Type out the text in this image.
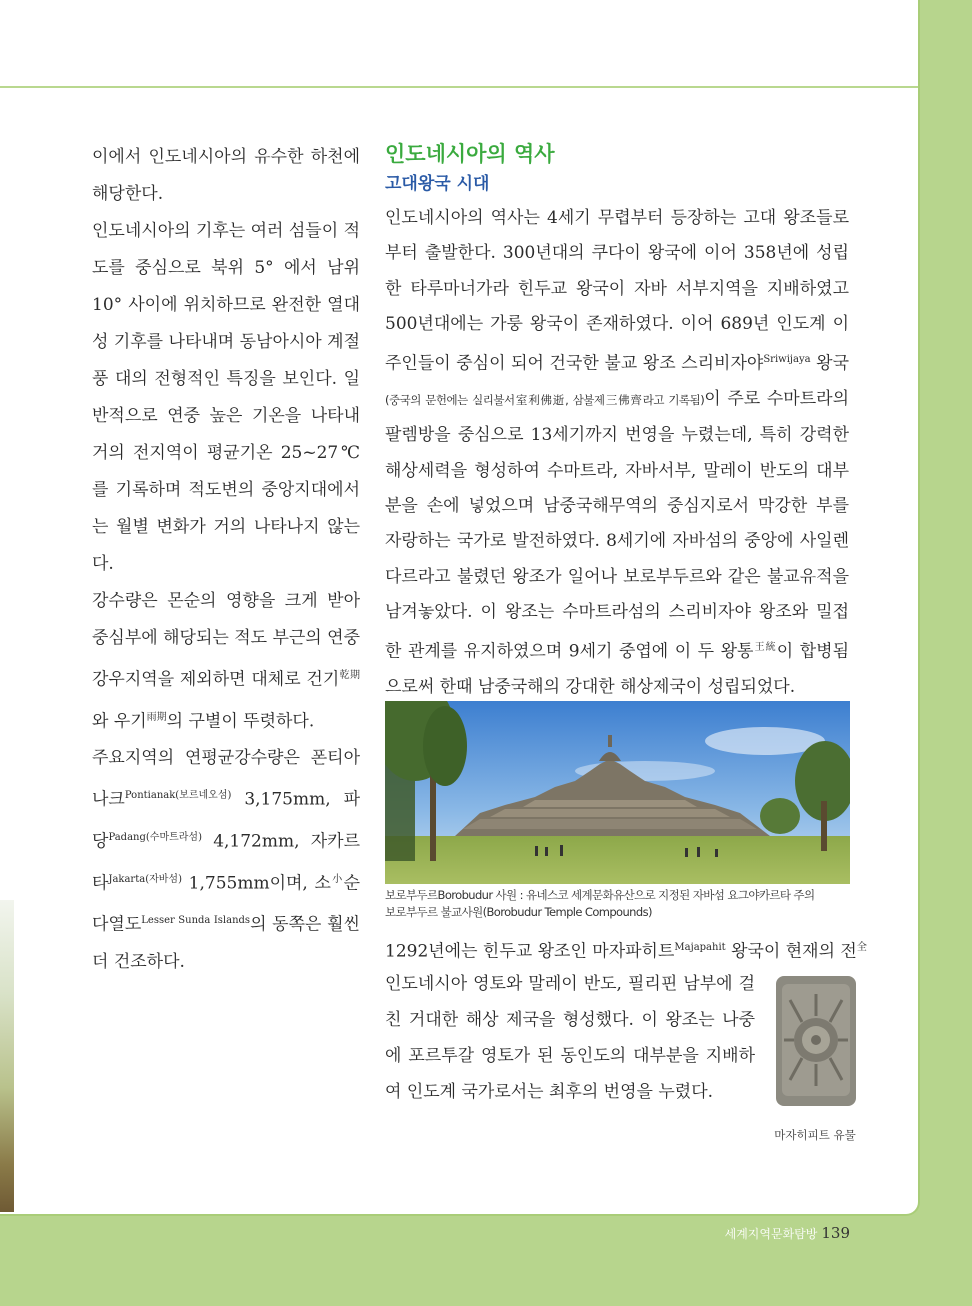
이에서 인도네시아의 유수한 하천에 해당한다.

인도네시아의 기후는 여러 섬들이 적도를 중심으로 북위 5° 에서 남위 10° 사이에 위치하므로 완전한 열대성 기후를 나타내며 동남아시아 계절풍 대의 전형적인 특징을 보인다. 일반적으로 연중 높은 기온을 나타내 거의 전지역이 평균기온 25~27℃를 기록하며 적도변의 중앙지대에서는 월별 변화가 거의 나타나지 않는다.

강수량은 몬순의 영향을 크게 받아 중심부에 해당되는 적도 부근의 연중 강우지역을 제외하면 대체로 건기$^{乾期}$와 우기$^{雨期}$의 구별이 뚜렷하다.

주요지역의 연평균강수량은 폰티아나크$^{Pontianak(보르네오섬)}$ 3,175mm, 파당$^{Padang(수마트라섬)}$ 4,172mm, 자카르타$^{Jakarta(자바섬)}$ 1,755mm이며, 소$^小$순다열도$^{Lesser Sunda Islands}$의 동쪽은 훨씬 더 건조하다.

인도네시아의 역사
고대왕국 시대

인도네시아의 역사는 4세기 무렵부터 등장하는 고대 왕조들로부터 출발한다. 300년대의 쿠다이 왕국에 이어 358년에 성립한 타루마너가라 힌두교 왕국이 자바 서부지역을 지배하였고 500년대에는 가룽 왕국이 존재하였다. 이어 689년 인도계 이주인들이 중심이 되어 건국한 불교 왕조 스리비자야$^{Sriwijaya}$ 왕국(중국의 문헌에는 실리불서室利佛逝, 삼불제三佛齊라고 기록됨)이 주로 수마트라의 팔렘방을 중심으로 13세기까지 번영을 누렸는데, 특히 강력한 해상세력을 형성하여 수마트라, 자바서부, 말레이 반도의 대부분을 손에 넣었으며 남중국해무역의 중심지로서 막강한 부를 자랑하는 국가로 발전하였다. 8세기에 자바섬의 중앙에 사일렌다르라고 불렸던 왕조가 일어나 보로부두르와 같은 불교유적을 남겨놓았다. 이 왕조는 수마트라섬의 스리비자야 왕조와 밀접한 관계를 유지하였으며 9세기 중엽에 이 두 왕통$^{王統}$이 합병됨으로써 한때 남중국해의 강대한 해상제국이 성립되었다.

보로부두르Borobudur 사원 : 유네스코 세계문화유산으로 지정된 자바섬 요그야카르타 주의
보로부두르 불교사원(Borobudur Temple Compounds)

1292년에는 힌두교 왕조인 마자파히트$^{Majapahit}$ 왕국이 현재의 전$^全$

인도네시아 영토와 말레이 반도, 필리핀 남부에 걸친 거대한 해상 제국을 형성했다. 이 왕조는 나중에 포르투갈 영토가 된 동인도의 대부분을 지배하여 인도계 국가로서는 최후의 번영을 누렸다.

마자히피트 유물
세계지역문화탐방 139
